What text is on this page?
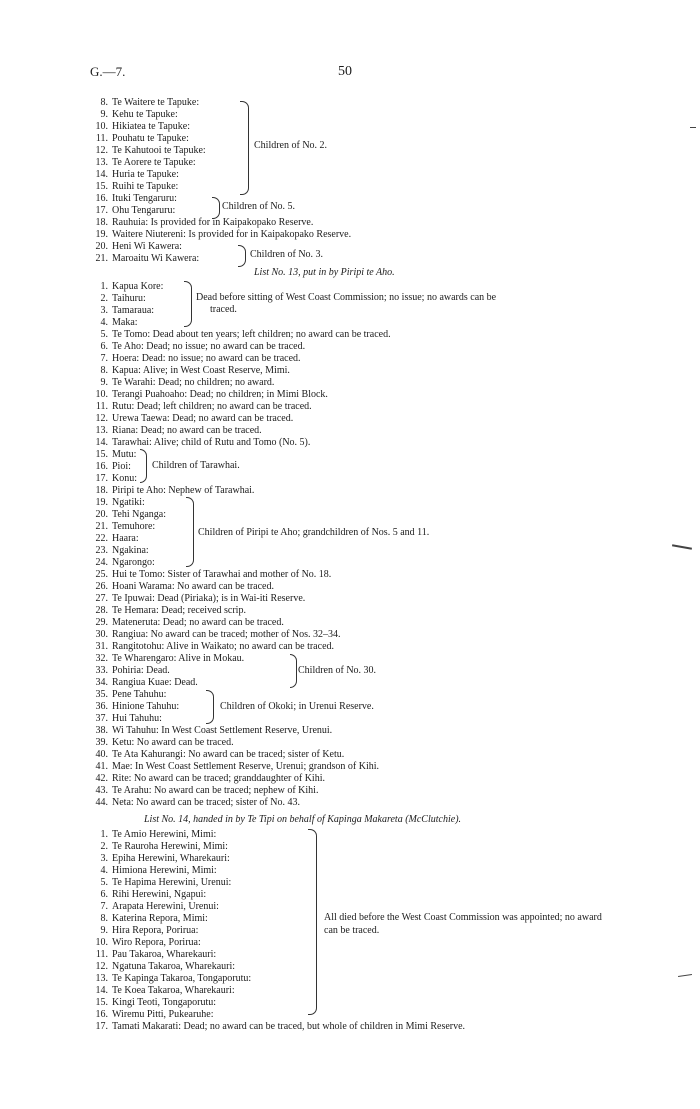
G.—7.	50
8. Te Waitere te Tapuke:
9. Kehu te Tapuke:
10. Hikiatea te Tapuke:
11. Pouhatu te Tapuke:
12. Te Kahutooi te Tapuke:
13. Te Aorere te Tapuke:
14. Huria te Tapuke:
15. Ruihi te Tapuke:
16. Ituki Tengaruru:
17. Ohu Tengaruru:
18. Rauhuia: Is provided for in Kaipakopako Reserve.
19. Waitere Niutereni: Is provided for in Kaipakopako Reserve.
20. Heni Wi Kawera:
21. Maroaitu Wi Kawera:
1. Kapua Kore:
2. Taihuru:
3. Tamaraua:
4. Maka:
5. Te Tomo: Dead about ten years; left children; no award can be traced.
6. Te Aho: Dead; no issue; no award can be traced.
7. Hoera: Dead: no issue; no award can be traced.
8. Kapua: Alive; in West Coast Reserve, Mimi.
9. Te Warahi: Dead; no children; no award.
10. Terangi Puahoaho: Dead; no children; in Mimi Block.
11. Rutu: Dead; left children; no award can be traced.
12. Urewa Taewa: Dead; no award can be traced.
13. Riana: Dead; no award can be traced.
14. Tarawhai: Alive; child of Rutu and Tomo (No. 5).
15. Mutu:
16. Pioi:
17. Konu:
18. Piripi te Aho: Nephew of Tarawhai.
19. Ngatiki:
20. Tehi Nganga:
21. Temuhore:
22. Haara:
23. Ngakina:
24. Ngarongo:
25. Hui te Tomo: Sister of Tarawhai and mother of No. 18.
26. Hoani Warama: No award can be traced.
27. Te Ipuwai: Dead (Piriaka); is in Wai-iti Reserve.
28. Te Hemara: Dead; received scrip.
29. Mateneruta: Dead; no award can be traced.
30. Rangiua: No award can be traced; mother of Nos. 32–34.
31. Rangitotohu: Alive in Waikato; no award can be traced.
32. Te Wharengaro: Alive in Mokau.
33. Pohiria: Dead.
34. Rangiua Kuae: Dead.
35. Pene Tahuhu:
36. Hinione Tahuhu:
37. Hui Tahuhu:
38. Wi Tahuhu: In West Coast Settlement Reserve, Urenui.
39. Ketu: No award can be traced.
40. Te Ata Kahurangi: No award can be traced; sister of Ketu.
41. Mae: In West Coast Settlement Reserve, Urenui; grandson of Kihi.
42. Rite: No award can be traced; granddaughter of Kihi.
43. Te Arahu: No award can be traced; nephew of Kihi.
44. Neta: No award can be traced; sister of No. 43.
1. Te Amio Herewini, Mimi:
2. Te Rauroha Herewini, Mimi:
3. Epiha Herewini, Wharekauri:
4. Himiona Herewini, Mimi:
5. Te Hapima Herewini, Urenui:
6. Rihi Herewini, Ngapui:
7. Arapata Herewini, Urenui:
8. Katerina Repora, Mimi:
9. Hira Repora, Porirua:
10. Wiro Repora, Porirua:
11. Pau Takaroa, Wharekauri:
12. Ngatuna Takaroa, Wharekauri:
13. Te Kapinga Takaroa, Tongaporutu:
14. Te Koea Takaroa, Wharekauri:
15. Kingi Teoti, Tongaporutu:
16. Wiremu Pitti, Pukearuhe:
17. Tamati Makarati: Dead; no award can be traced, but whole of children in Mimi Reserve.
Children of No. 2.
Children of No. 5.
Children of No. 3.
List No. 13, put in by Piripi te Aho.
Dead before sitting of West Coast Commission; no issue; no awards can be
traced.
Children of Tarawhai.
Children of Piripi te Aho; grandchildren of Nos. 5 and 11.
Children of No. 30.
Children of Okoki; in Urenui Reserve.
List No. 14, handed in by Te Tipi on behalf of Kapinga Makareta (McClutchie).
All died before the West Coast Commission was appointed; no award can be traced.
